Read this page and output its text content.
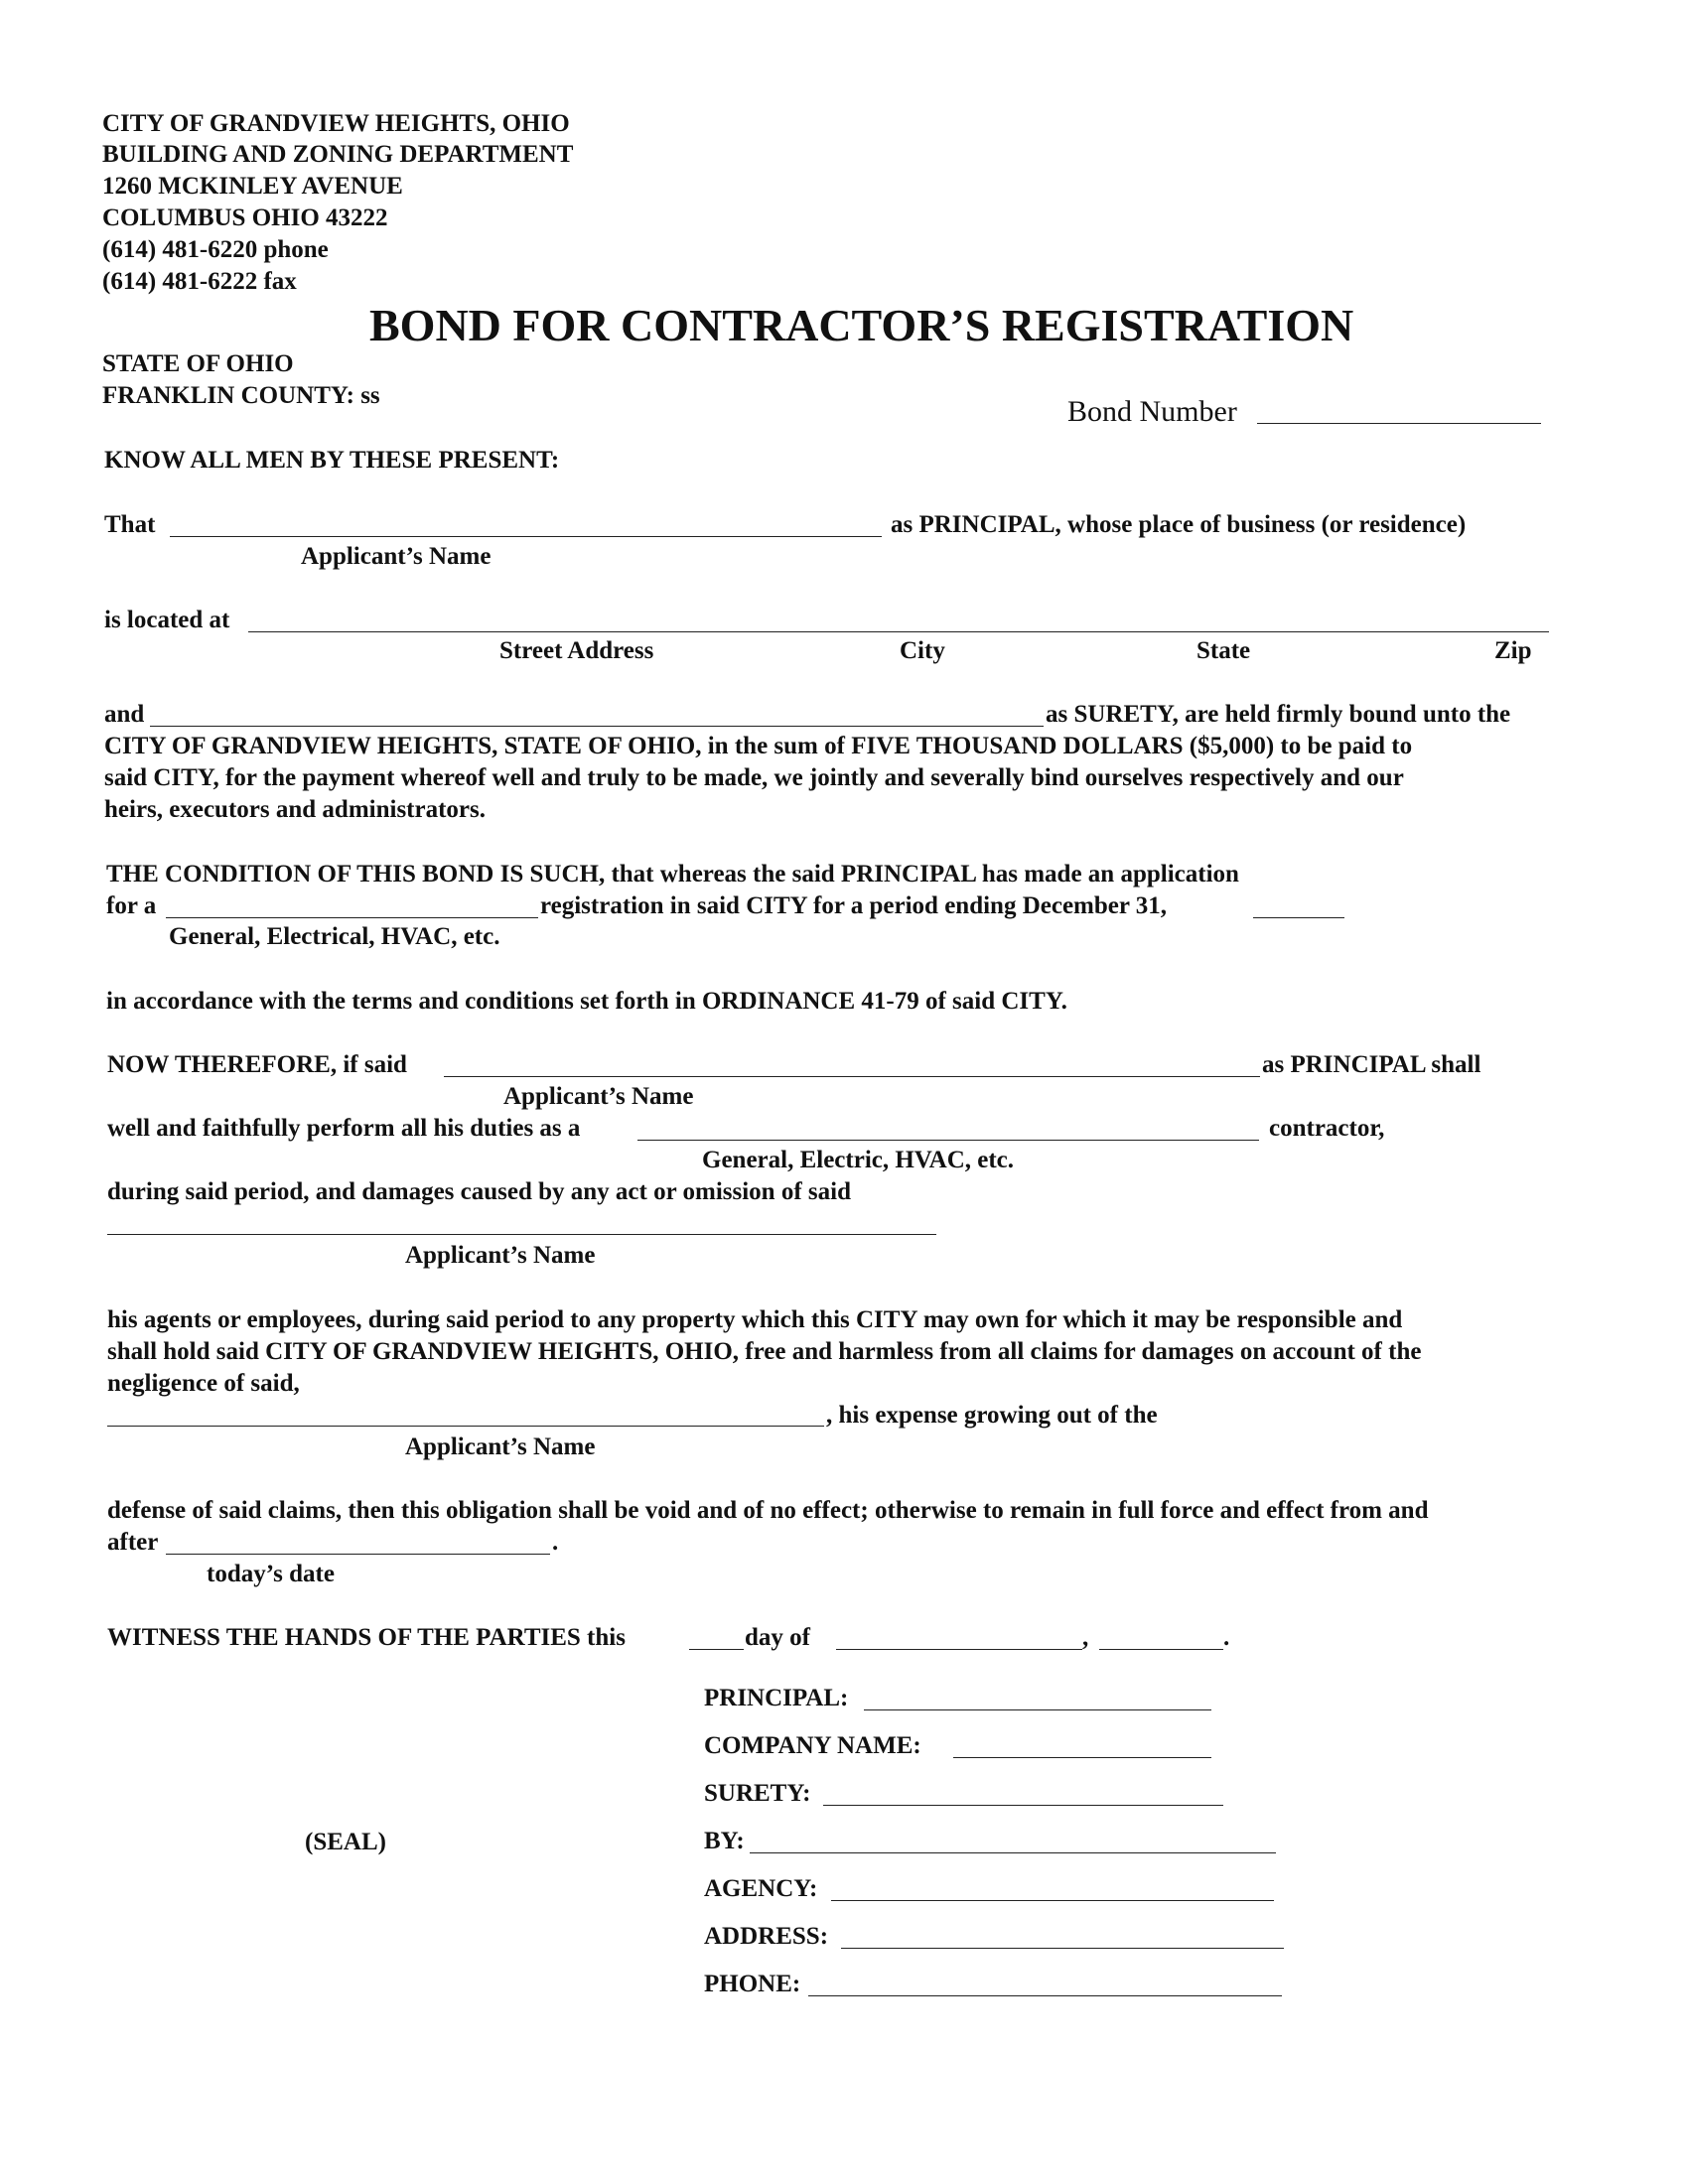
CITY OF GRANDVIEW HEIGHTS, OHIO
BUILDING AND ZONING DEPARTMENT
1260 MCKINLEY AVENUE
COLUMBUS OHIO 43222
(614) 481-6220 phone
(614) 481-6222 fax
BOND FOR CONTRACTOR’S REGISTRATION
STATE OF OHIO
FRANKLIN COUNTY: ss	Bond Number
KNOW ALL MEN BY THESE PRESENT:
That	as PRINCIPAL, whose place of business (or residence)
Applicant’s Name
is located at
Street Address	City	State	Zip
and	as SURETY, are held firmly bound unto the
CITY OF GRANDVIEW HEIGHTS, STATE OF OHIO, in the sum of FIVE THOUSAND DOLLARS ($5,000) to be paid to
said CITY, for the payment whereof well and truly to be made, we jointly and severally bind ourselves respectively and our
heirs, executors and administrators.
THE CONDITION OF THIS BOND IS SUCH, that whereas the said PRINCIPAL has made an application
for a	registration in said CITY for a period ending December 31,
General, Electrical, HVAC, etc.
in accordance with the terms and conditions set forth in ORDINANCE 41-79 of said CITY.
NOW THEREFORE, if said	as PRINCIPAL shall
Applicant’s Name
well and faithfully perform all his duties as a	contractor,
General, Electric, HVAC, etc.
during said period, and damages caused by any act or omission of said
Applicant’s Name
his agents or employees, during said period to any property which this CITY may own for which it may be responsible and
shall hold said CITY OF GRANDVIEW HEIGHTS, OHIO, free and harmless from all claims for damages on account of the
negligence of said,
, his expense growing out of the
Applicant’s Name
defense of said claims, then this obligation shall be void and of no effect; otherwise to remain in full force and effect from and
after	.
today’s date
WITNESS THE HANDS OF THE PARTIES this	day of	,	.
PRINCIPAL:
COMPANY NAME:
SURETY:
(SEAL)	BY:
AGENCY:
ADDRESS:
PHONE:
